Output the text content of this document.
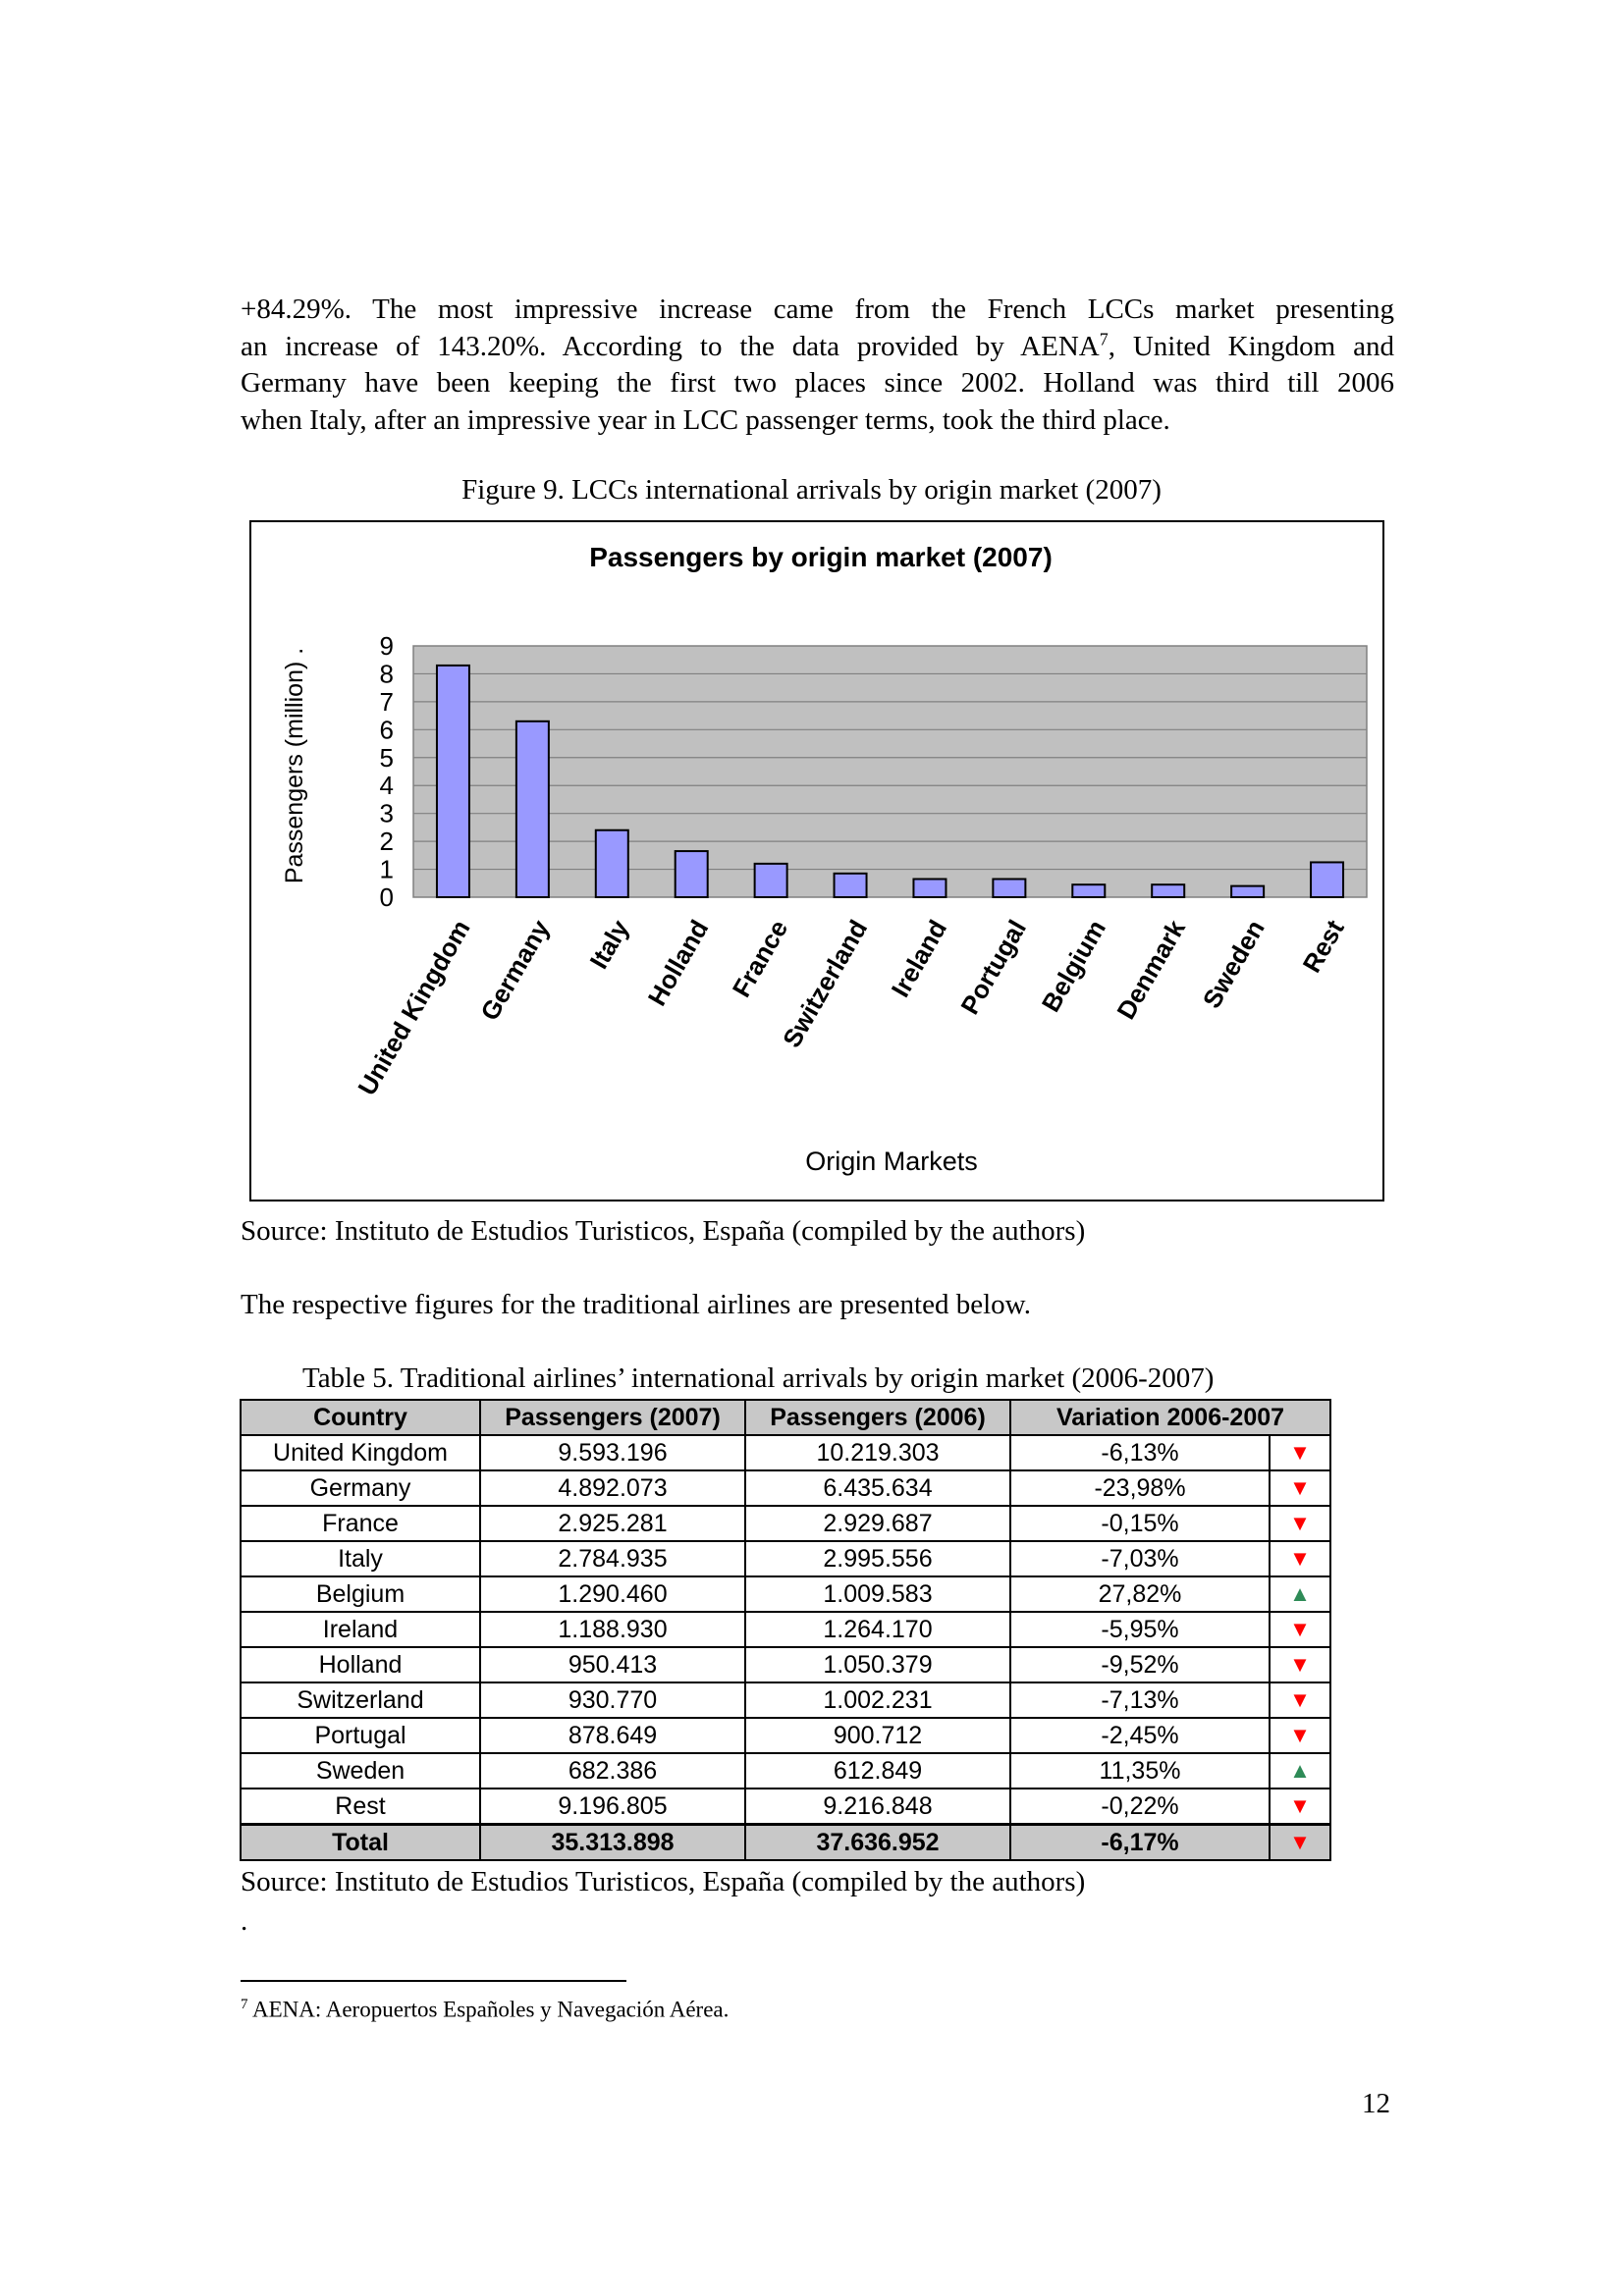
+84.29%. The most impressive increase came from the French LCCs market presenting
an increase of 143.20%. According to the data provided by AENA$^7$, United Kingdom and
Germany have been keeping the first two places since 2002. Holland was third till 2006
when Italy, after an impressive year in LCC passenger terms, took the third place.
Figure 9. LCCs international arrivals by origin market (2007)
Passengers by origin market (2007)
0
1
2
3
4
5
6
7
8
9
United Kingdom
Germany Italy Holland France
Switzerland Ireland Portugal Belgium Denmark Sweden Rest
Passengers (million) .
Origin Markets
Source: Instituto de Estudios Turisticos, España (compiled by the authors)
The respective figures for the traditional airlines are presented below.
Table 5. Traditional airlines’ international arrivals by origin market (2006-2007)
Country	Passengers (2007)	Passengers (2006)	Variation 2006-2007	
United Kingdom	9.593.196	10.219.303	-6,13%	▼
Germany	4.892.073	6.435.634	-23,98%	▼
France	2.925.281	2.929.687	-0,15%	▼
Italy	2.784.935	2.995.556	-7,03%	▼
Belgium	1.290.460	1.009.583	27,82%	▲
Ireland	1.188.930	1.264.170	-5,95%	▼
Holland	950.413	1.050.379	-9,52%	▼
Switzerland	930.770	1.002.231	-7,13%	▼
Portugal	878.649	900.712	-2,45%	▼
Sweden	682.386	612.849	11,35%	▲
Rest	9.196.805	9.216.848	-0,22%	▼
Total	35.313.898	37.636.952	-6,17%	▼
Source: Instituto de Estudios Turisticos, España (compiled by the authors)
.
$^7$ AENA: Aeropuertos Españoles y Navegación Aérea.
12
